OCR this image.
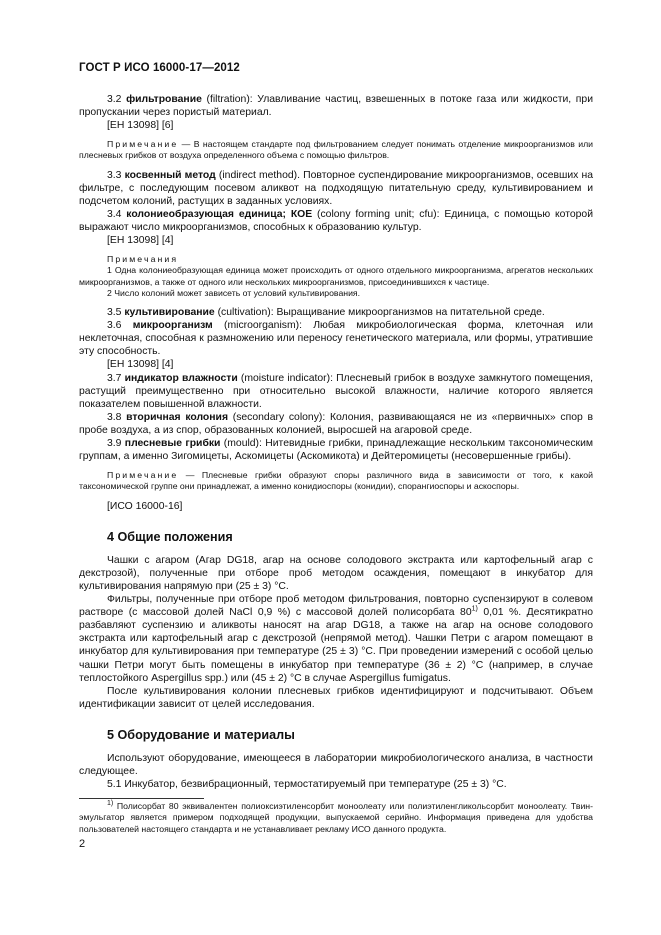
ГОСТ Р ИСО 16000-17—2012

3.2 фильтрование (filtration): Улавливание частиц, взвешенных в потоке газа или жидкости, при пропускании через пористый материал.

[ЕН 13098] [6]

Примечание — В настоящем стандарте под фильтрованием следует понимать отделение микроорганизмов или плесневых грибков от воздуха определенного объема с помощью фильтров.

3.3 косвенный метод (indirect method). Повторное суспендирование микроорганизмов, осевших на фильтре, с последующим посевом аликвот на подходящую питательную среду, культивированием и подсчетом колоний, растущих в заданных условиях.

3.4 колониеобразующая единица; КОЕ (colony forming unit; cfu): Единица, с помощью которой выражают число микроорганизмов, способных к образованию культур.

[ЕН 13098] [4]

Примечания

1 Одна колониеобразующая единица может происходить от одного отдельного микроорганизма, агрегатов нескольких микроорганизмов, а также от одного или нескольких микроорганизмов, присоединившихся к частице.

2 Число колоний может зависеть от условий культивирования.

3.5 культивирование (cultivation): Выращивание микроорганизмов на питательной среде.

3.6 микроорганизм (microorganism): Любая микробиологическая форма, клеточная или неклеточная, способная к размножению или переносу генетического материала, или формы, утратившие эту способность.

[ЕН 13098] [4]

3.7 индикатор влажности (moisture indicator): Плесневый грибок в воздухе замкнутого помещения, растущий преимущественно при относительно высокой влажности, наличие которого является показателем повышенной влажности.

3.8 вторичная колония (secondary colony): Колония, развивающаяся не из «первичных» спор в пробе воздуха, а из спор, образованных колонией, выросшей на агаровой среде.

3.9 плесневые грибки (mould): Нитевидные грибки, принадлежащие нескольким таксономическим группам, а именно Зигомицеты, Аскомицеты (Аскомикота) и Дейтеромицеты (несовершенные грибы).

Примечание — Плесневые грибки образуют споры различного вида в зависимости от того, к какой таксономической группе они принадлежат, а именно конидиоспоры (конидии), спорангиоспоры и аскоспоры.

[ИСО 16000-16]

4 Общие положения

Чашки с агаром (Агар DG18, агар на основе солодового экстракта или картофельный агар с декстрозой), полученные при отборе проб методом осаждения, помещают в инкубатор для культивирования напрямую при (25 ± 3) °С.

Фильтры, полученные при отборе проб методом фильтрования, повторно суспензируют в солевом растворе (с массовой долей NaCl 0,9 %) с массовой долей полисорбата 80$^{1)}$ 0,01 %. Десятикратно разбавляют суспензию и аликвоты наносят на агар DG18, а также на агар на основе солодового экстракта или картофельный агар с декстрозой (непрямой метод). Чашки Петри с агаром помещают в инкубатор для культивирования при температуре (25 ± 3) °С. При проведении измерений с особой целью чашки Петри могут быть помещены в инкубатор при температуре (36 ± 2) °С (например, в случае теплостойкого Aspergillus spp.) или (45 ± 2) °С в случае Aspergillus fumigatus.

После культивирования колонии плесневых грибков идентифицируют и подсчитывают. Объем идентификации зависит от целей исследования.

5 Оборудование и материалы

Используют оборудование, имеющееся в лаборатории микробиологического анализа, в частности следующее.

5.1 Инкубатор, безвибрационный, термостатируемый при температуре (25 ± 3) °С.

$^{1)}$ Полисорбат 80 эквивалентен полиоксиэтиленсорбит моноолеату или полиэтиленгликольсорбит моноолеату. Твин-эмульгатор является примером подходящей продукции, выпускаемой серийно. Информация приведена для удобства пользователей настоящего стандарта и не устанавливает рекламу ИСО данного продукта.

2
